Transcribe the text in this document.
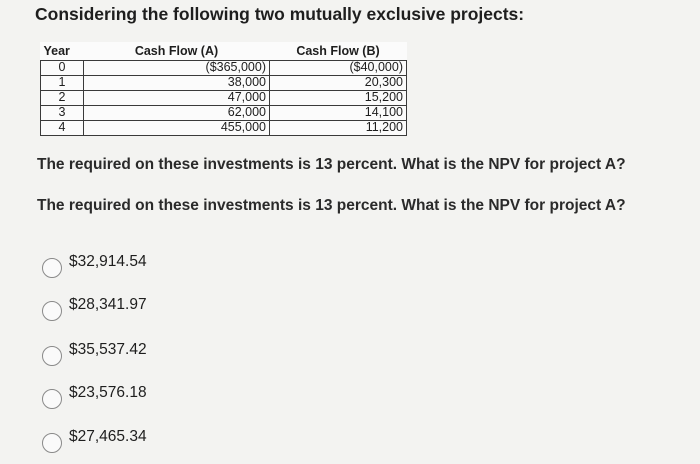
Considering the following two mutually exclusive projects:
Year	Cash Flow (A)	Cash Flow (B)
0	($365,000)	($40,000)
1	38,000	20,300
2	47,000	15,200
3	62,000	14,100
4	455,000	11,200
The required on these investments is 13 percent. What is the NPV for project A?
The required on these investments is 13 percent. What is the NPV for project A?
$32,914.54
$28,341.97
$35,537.42
$23,576.18
$27,465.34
